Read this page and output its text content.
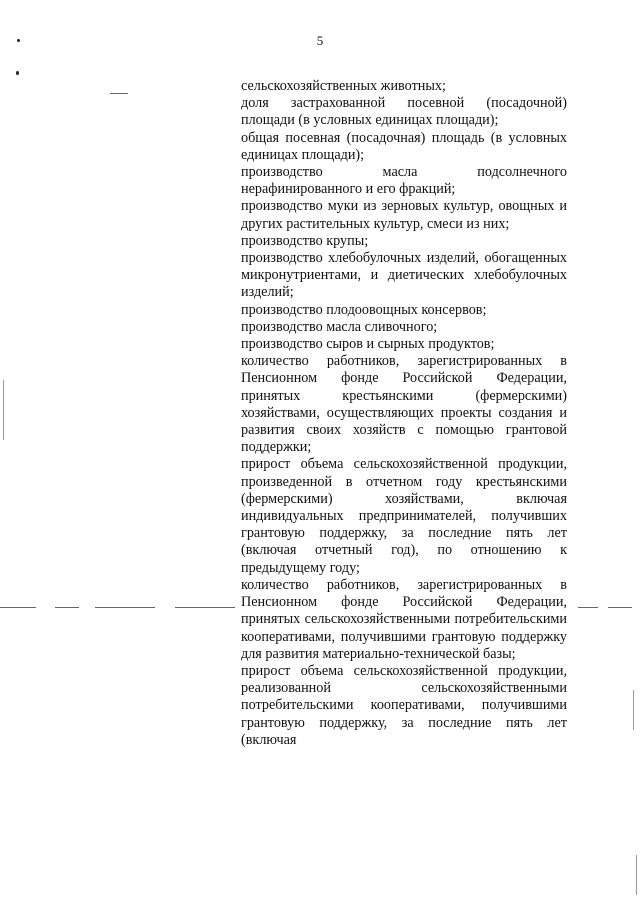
5

сельскохозяйственных животных;

доля застрахованной посевной (посадочной) площади (в условных единицах площади);

общая посевная (посадочная) площадь (в условных единицах площади);

производство масла подсолнечного нерафинированного и его фракций;

производство муки из зерновых культур, овощных и других растительных культур, смеси из них;

производство крупы;

производство хлебобулочных изделий, обогащенных микронутриентами, и диетических хлебобулочных изделий;

производство плодоовощных консервов;

производство масла сливочного;

производство сыров и сырных продуктов;

количество работников, зарегистрированных в Пенсионном фонде Российской Федерации, принятых крестьянскими (фермерскими) хозяйствами, осуществляющих проекты создания и развития своих хозяйств с помощью грантовой поддержки;

прирост объема сельскохозяйственной продукции, произведенной в отчетном году крестьянскими (фермерскими) хозяйствами, включая индивидуальных предпринимателей, получивших грантовую поддержку, за последние пять лет (включая отчетный год), по отношению к предыдущему году;

количество работников, зарегистрированных в Пенсионном фонде Российской Федерации, принятых сельскохозяйственными потребительскими кооперативами, получившими грантовую поддержку для развития материально-технической базы;

прирост объема сельскохозяйственной продукции, реализованной сельскохозяйственными потребительскими кооперативами, получившими грантовую поддержку, за последние пять лет (включая
